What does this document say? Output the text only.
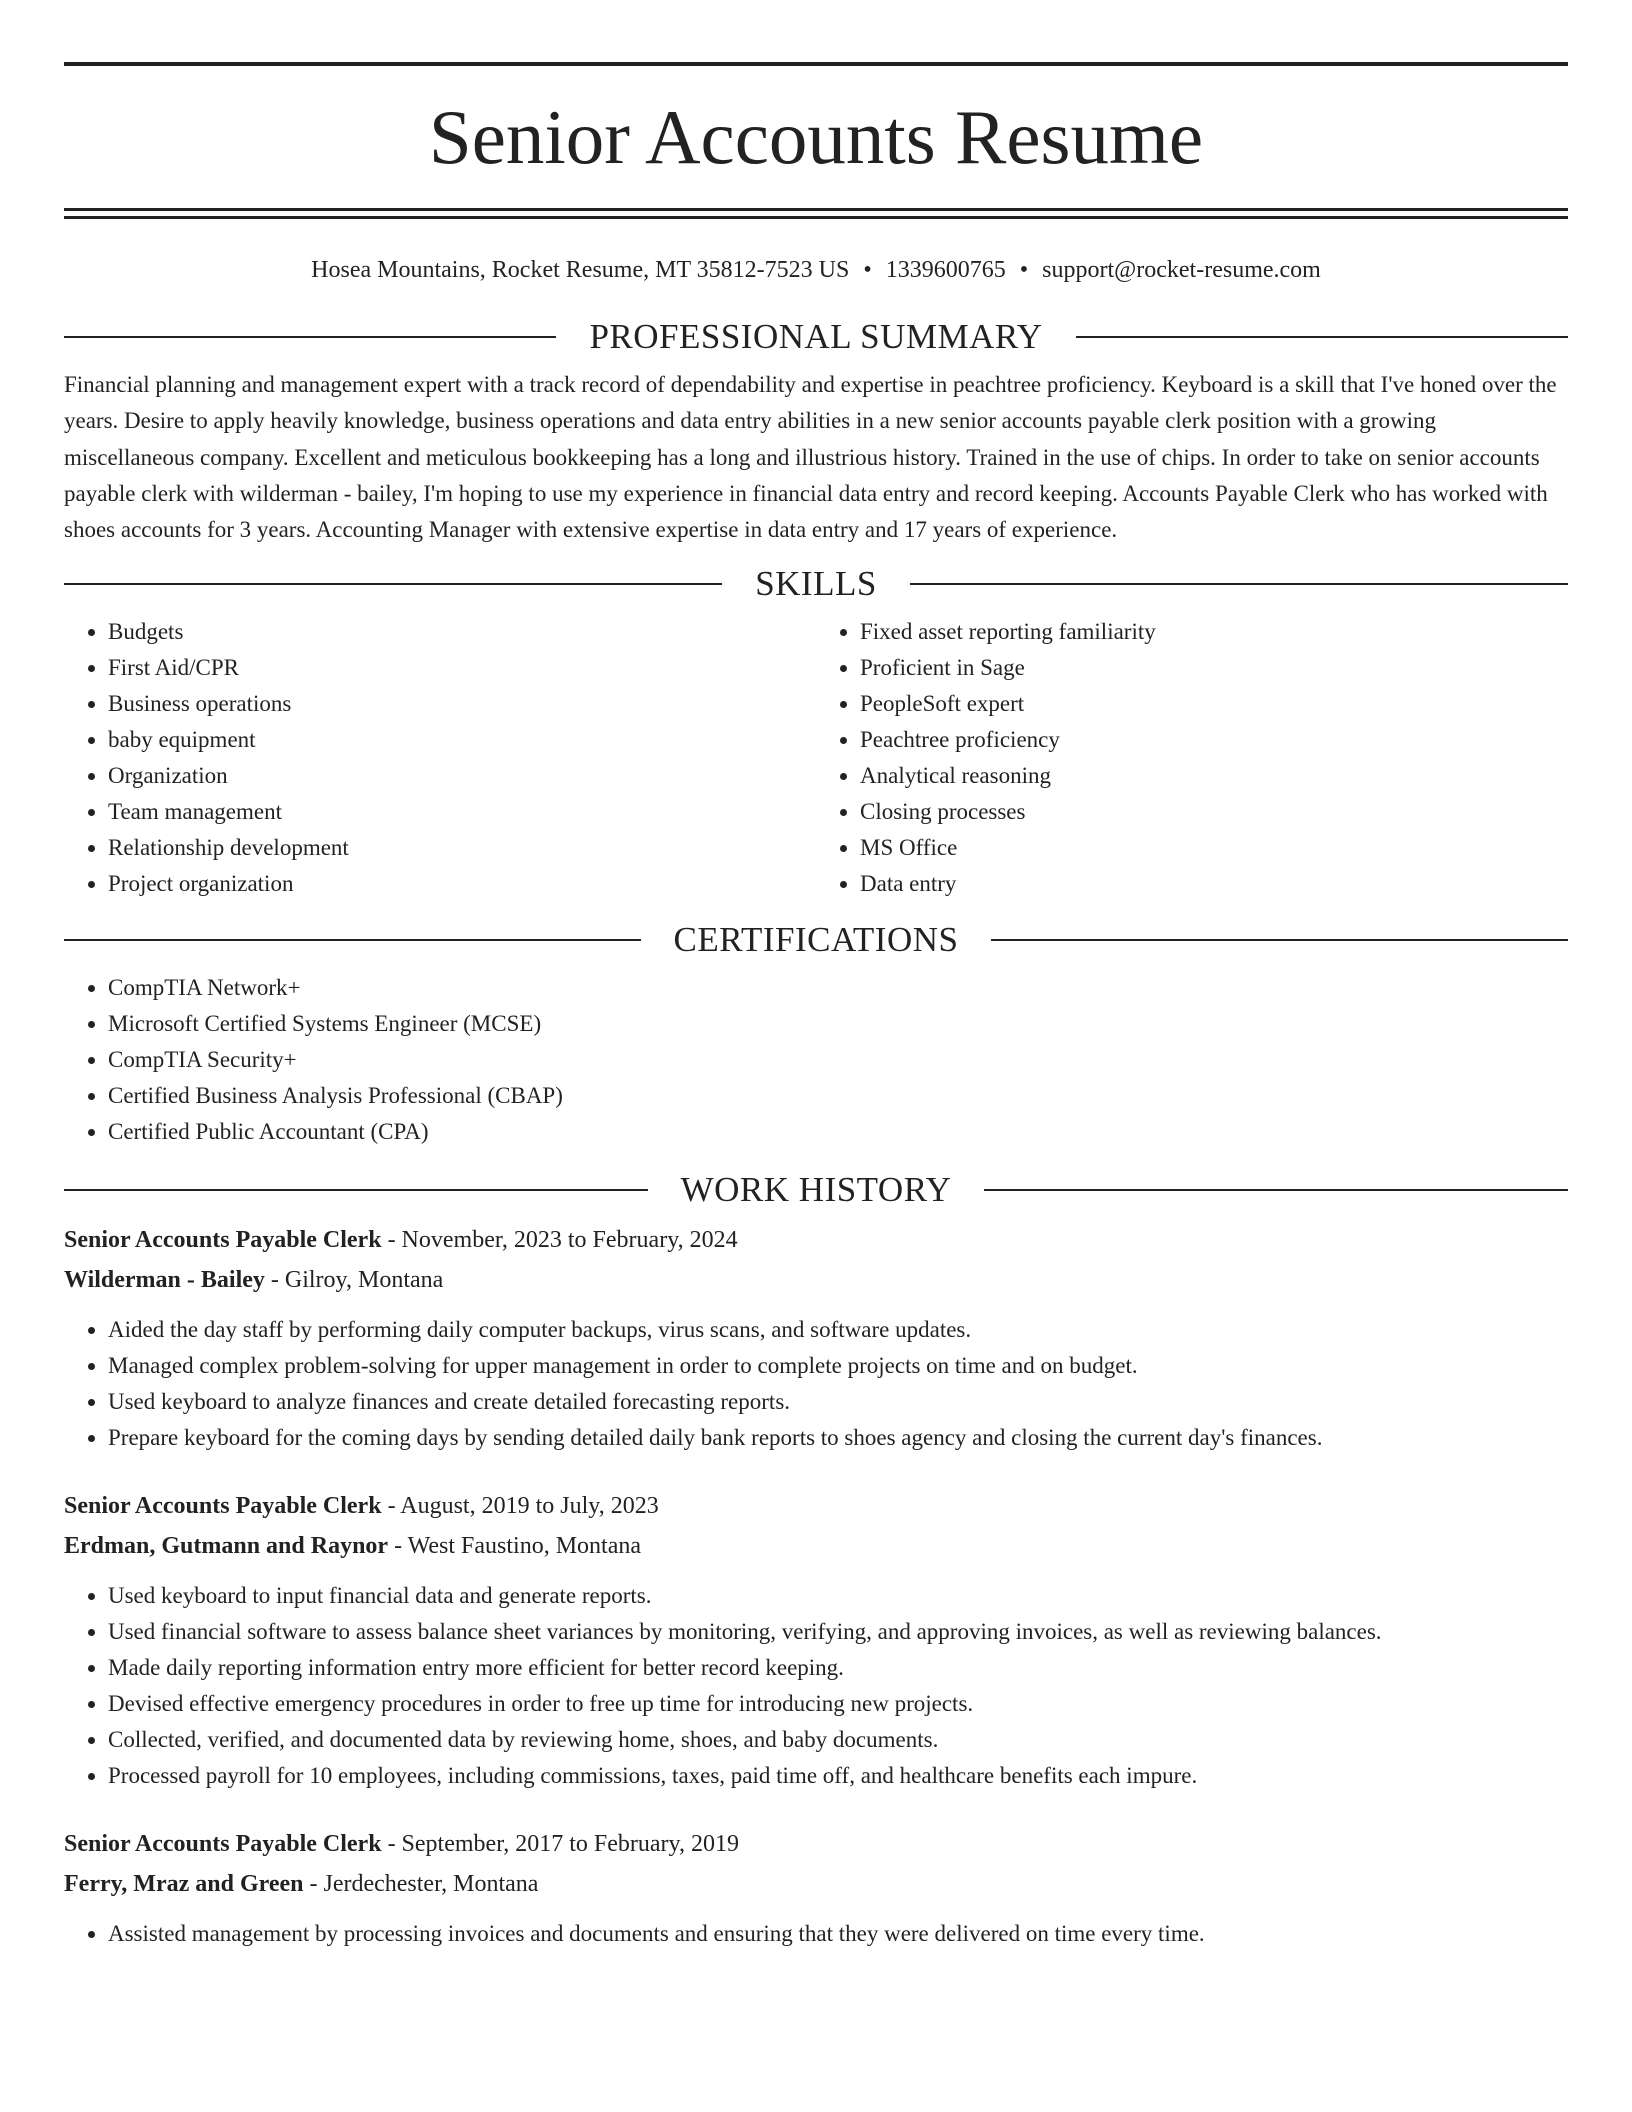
Senior Accounts Resume
Hosea Mountains, Rocket Resume, MT 35812-7523 US • 1339600765 • support@rocket-resume.com
PROFESSIONAL SUMMARY

Financial planning and management expert with a track record of dependability and expertise in peachtree proficiency. Keyboard is a skill that I've honed over the years. Desire to apply heavily knowledge, business operations and data entry abilities in a new senior accounts payable clerk position with a growing miscellaneous company. Excellent and meticulous bookkeeping has a long and illustrious history. Trained in the use of chips. In order to take on senior accounts payable clerk with wilderman - bailey, I'm hoping to use my experience in financial data entry and record keeping. Accounts Payable Clerk who has worked with shoes accounts for 3 years. Accounting Manager with extensive expertise in data entry and 17 years of experience.

SKILLS
• Budgets
• First Aid/CPR
• Business operations
• baby equipment
• Organization
• Team management
• Relationship development
• Project organization
• Fixed asset reporting familiarity
• Proficient in Sage
• PeopleSoft expert
• Peachtree proficiency
• Analytical reasoning
• Closing processes
• MS Office
• Data entry
CERTIFICATIONS
• CompTIA Network+
• Microsoft Certified Systems Engineer (MCSE)
• CompTIA Security+
• Certified Business Analysis Professional (CBAP)
• Certified Public Accountant (CPA)
WORK HISTORY

Senior Accounts Payable Clerk - November, 2023 to February, 2024

Wilderman - Bailey - Gilroy, Montana

• Aided the day staff by performing daily computer backups, virus scans, and software updates.
• Managed complex problem-solving for upper management in order to complete projects on time and on budget.
• Used keyboard to analyze finances and create detailed forecasting reports.
• Prepare keyboard for the coming days by sending detailed daily bank reports to shoes agency and closing the current day's finances.

Senior Accounts Payable Clerk - August, 2019 to July, 2023

Erdman, Gutmann and Raynor - West Faustino, Montana

• Used keyboard to input financial data and generate reports.
• Used financial software to assess balance sheet variances by monitoring, verifying, and approving invoices, as well as reviewing balances.
• Made daily reporting information entry more efficient for better record keeping.
• Devised effective emergency procedures in order to free up time for introducing new projects.
• Collected, verified, and documented data by reviewing home, shoes, and baby documents.
• Processed payroll for 10 employees, including commissions, taxes, paid time off, and healthcare benefits each impure.

Senior Accounts Payable Clerk - September, 2017 to February, 2019

Ferry, Mraz and Green - Jerdechester, Montana

• Assisted management by processing invoices and documents and ensuring that they were delivered on time every time.
